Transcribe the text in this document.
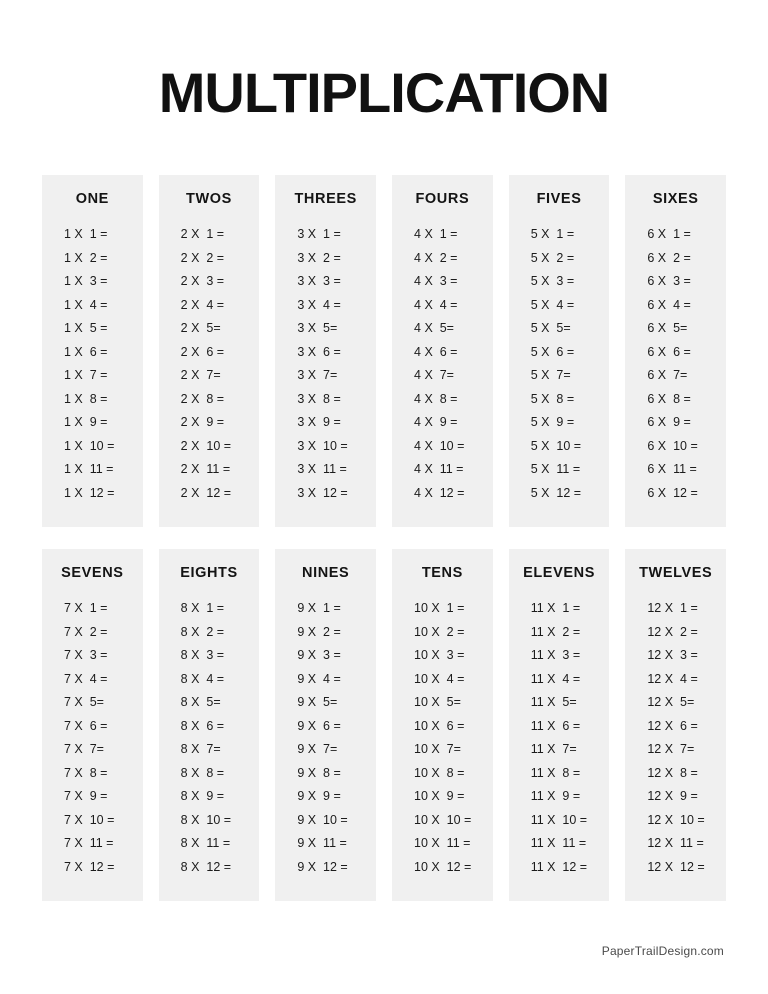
MULTIPLICATION
ONE
1 X  1 =
1 X  2 =
1 X  3 =
1 X  4 =
1 X  5 =
1 X  6 =
1 X  7 =
1 X  8 =
1 X  9 =
1 X  10 =
1 X  11 =
1 X  12 =
TWOS
2 X  1 =
2 X  2 =
2 X  3 =
2 X  4 =
2 X  5=
2 X  6 =
2 X  7=
2 X  8 =
2 X  9 =
2 X  10 =
2 X  11 =
2 X  12 =
THREES
3 X  1 =
3 X  2 =
3 X  3 =
3 X  4 =
3 X  5=
3 X  6 =
3 X  7=
3 X  8 =
3 X  9 =
3 X  10 =
3 X  11 =
3 X  12 =
FOURS
4 X  1 =
4 X  2 =
4 X  3 =
4 X  4 =
4 X  5=
4 X  6 =
4 X  7=
4 X  8 =
4 X  9 =
4 X  10 =
4 X  11 =
4 X  12 =
FIVES
5 X  1 =
5 X  2 =
5 X  3 =
5 X  4 =
5 X  5=
5 X  6 =
5 X  7=
5 X  8 =
5 X  9 =
5 X  10 =
5 X  11 =
5 X  12 =
SIXES
6 X  1 =
6 X  2 =
6 X  3 =
6 X  4 =
6 X  5=
6 X  6 =
6 X  7=
6 X  8 =
6 X  9 =
6 X  10 =
6 X  11 =
6 X  12 =
SEVENS
7 X  1 =
7 X  2 =
7 X  3 =
7 X  4 =
7 X  5=
7 X  6 =
7 X  7=
7 X  8 =
7 X  9 =
7 X  10 =
7 X  11 =
7 X  12 =
EIGHTS
8 X  1 =
8 X  2 =
8 X  3 =
8 X  4 =
8 X  5=
8 X  6 =
8 X  7=
8 X  8 =
8 X  9 =
8 X  10 =
8 X  11 =
8 X  12 =
NINES
9 X  1 =
9 X  2 =
9 X  3 =
9 X  4 =
9 X  5=
9 X  6 =
9 X  7=
9 X  8 =
9 X  9 =
9 X  10 =
9 X  11 =
9 X  12 =
TENS
10 X  1 =
10 X  2 =
10 X  3 =
10 X  4 =
10 X  5=
10 X  6 =
10 X  7=
10 X  8 =
10 X  9 =
10 X  10 =
10 X  11 =
10 X  12 =
ELEVENS
11 X  1 =
11 X  2 =
11 X  3 =
11 X  4 =
11 X  5=
11 X  6 =
11 X  7=
11 X  8 =
11 X  9 =
11 X  10 =
11 X  11 =
11 X  12 =
TWELVES
12 X  1 =
12 X  2 =
12 X  3 =
12 X  4 =
12 X  5=
12 X  6 =
12 X  7=
12 X  8 =
12 X  9 =
12 X  10 =
12 X  11 =
12 X  12 =
PaperTrailDesign.com
